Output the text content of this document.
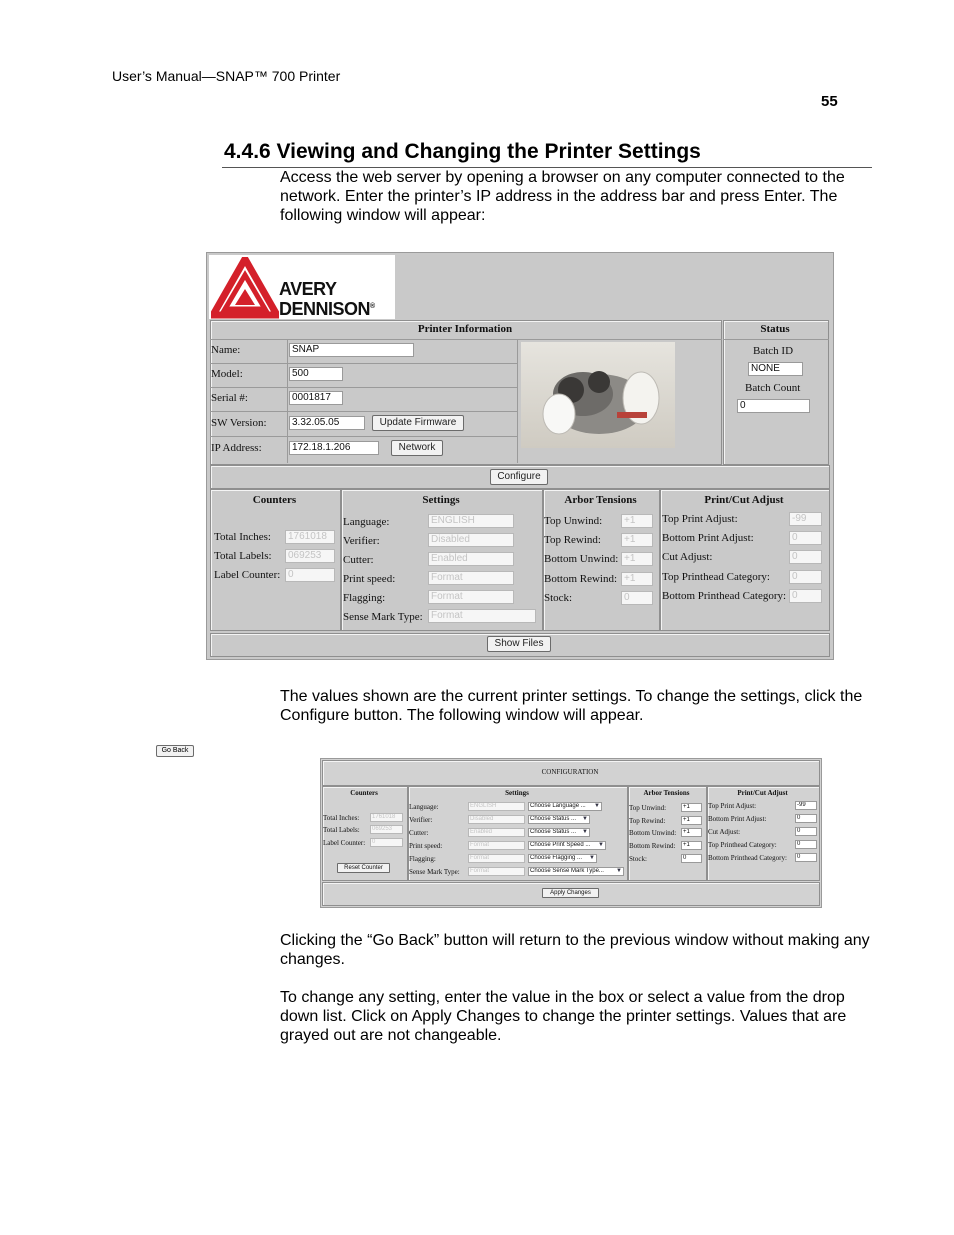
User’s Manual—SNAP™ 700 Printer
55
4.4.6 Viewing and Changing the Printer Settings
Access the web server by opening a browser on any computer connected to the network. Enter the printer’s IP address in the address bar and press Enter. The following window will appear:
AVERY
DENNISON®
Printer Information
Name:	SNAP
Model:	500
Serial #:	0001817
SW Version:	3.32.05.05	Update Firmware
IP Address:	172.18.1.206	Network
Status
Batch ID
NONE
Batch Count
0
Configure
Counters
Total Inches:	1761018
Total Labels:	069253
Label Counter: 0
Settings
Language:	ENGLISH
Verifier:	Disabled
Cutter:	Enabled
Print speed:	Format
Flagging:	Format
Sense Mark Type: Format
Arbor Tensions
Top Unwind:	+1
Top Rewind:	+1
Bottom Unwind: +1
Bottom Rewind: +1
Stock:	0
Print/Cut Adjust
Top Print Adjust:	-99
Bottom Print Adjust:	0
Cut Adjust:	0
Top Printhead Category:	0
Bottom Printhead Category: 0
Show Files
The values shown are the current printer settings. To change the settings, click the Configure button. The following window will appear.
Go Back
CONFIGURATION
Counters
Total Inches:	1761018
Total Labels:	069253
Label Counter:	0
Reset Counter
Settings
Language:	ENGLISH	Choose Language ... ▼
Verifier:	Disabled	Choose Status ... ▼
Cutter:	Enabled	Choose Status ... ▼
Print speed:	Format	Choose Print Speed ... ▼
Flagging:	Format	Choose Flagging ... ▼
Sense Mark Type:	Format	Choose Sense Mark Type... ▼
Arbor Tensions
Top Unwind:	+1
Top Rewind:	+1
Bottom Unwind:	+1
Bottom Rewind:	+1
Stock:	0
Print/Cut Adjust
Top Print Adjust:	-99
Bottom Print Adjust:	0
Cut Adjust:	0
Top Printhead Category:	0
Bottom Printhead Category:	0
Apply Changes
Clicking the “Go Back” button will return to the previous window without making any changes.
To change any setting, enter the value in the box or select a value from the drop down list. Click on Apply Changes to change the printer settings. Values that are grayed out are not changeable.
